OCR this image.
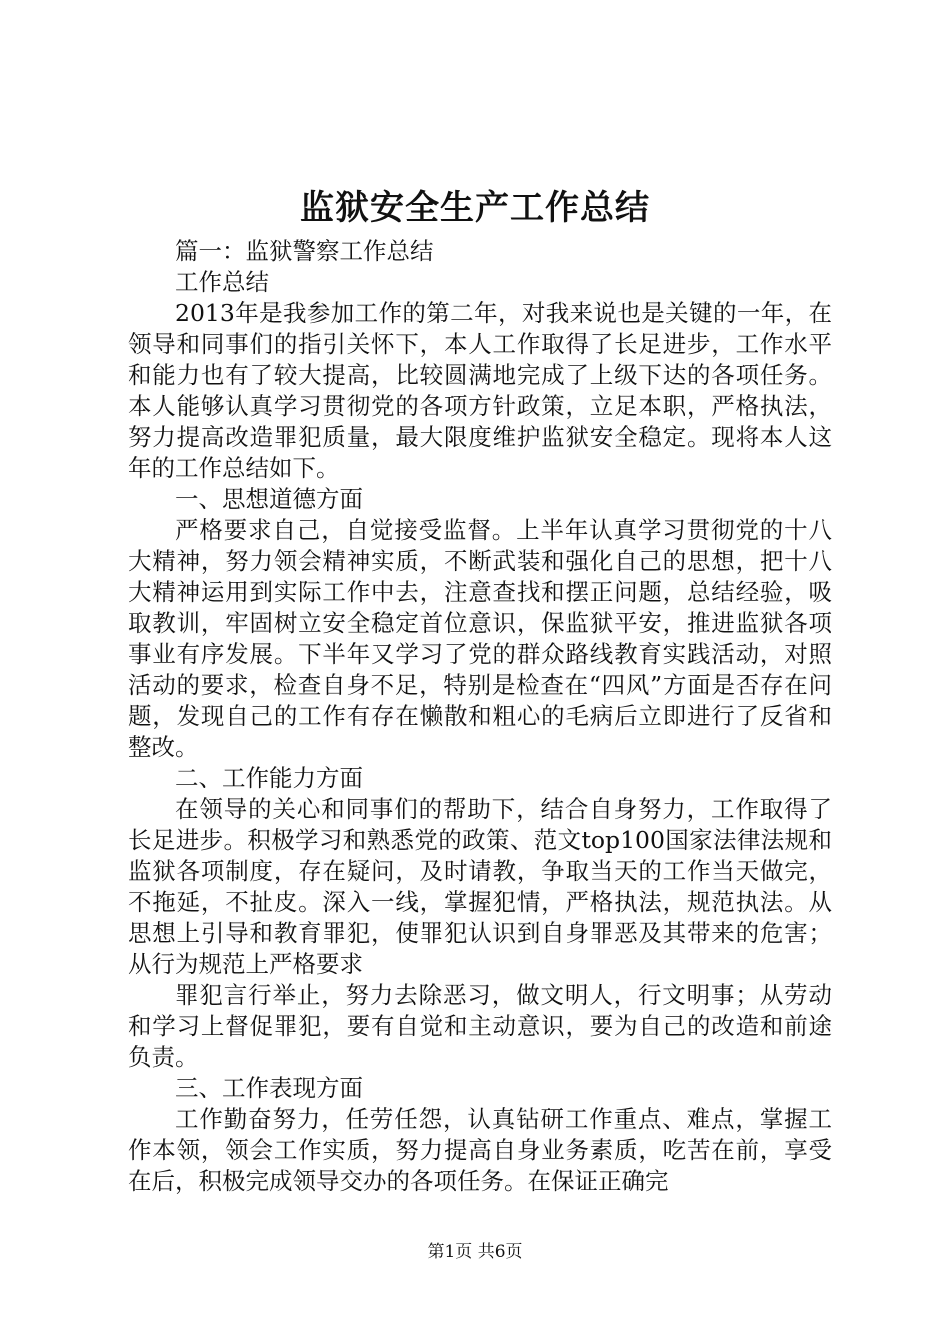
监狱安全生产工作总结

篇一：监狱警察工作总结

工作总结

2013年是我参加工作的第二年，对我来说也是关键的一年，在领导和同事们的指引关怀下，本人工作取得了长足进步，工作水平和能力也有了较大提高，比较圆满地完成了上级下达的各项任务。本人能够认真学习贯彻党的各项方针政策，立足本职，严格执法，努力提高改造罪犯质量，最大限度维护监狱安全稳定。现将本人这年的工作总结如下。

一、思想道德方面

严格要求自己，自觉接受监督。上半年认真学习贯彻党的十八大精神，努力领会精神实质，不断武装和强化自己的思想，把十八大精神运用到实际工作中去，注意查找和摆正问题，总结经验，吸取教训，牢固树立安全稳定首位意识，保监狱平安，推进监狱各项事业有序发展。下半年又学习了党的群众路线教育实践活动，对照活动的要求，检查自身不足，特别是检查在“四风”方面是否存在问题，发现自己的工作有存在懒散和粗心的毛病后立即进行了反省和整改。

二、工作能力方面

在领导的关心和同事们的帮助下，结合自身努力，工作取得了长足进步。积极学习和熟悉党的政策、范文top100国家法律法规和监狱各项制度，存在疑问，及时请教，争取当天的工作当天做完，不拖延，不扯皮。深入一线，掌握犯情，严格执法，规范执法。从思想上引导和教育罪犯，使罪犯认识到自身罪恶及其带来的危害；从行为规范上严格要求

罪犯言行举止，努力去除恶习，做文明人，行文明事；从劳动和学习上督促罪犯，要有自觉和主动意识，要为自己的改造和前途负责。

三、工作表现方面

工作勤奋努力，任劳任怨，认真钻研工作重点、难点，掌握工作本领，领会工作实质，努力提高自身业务素质，吃苦在前，享受在后，积极完成领导交办的各项任务。在保证正确完

第1页 共6页
